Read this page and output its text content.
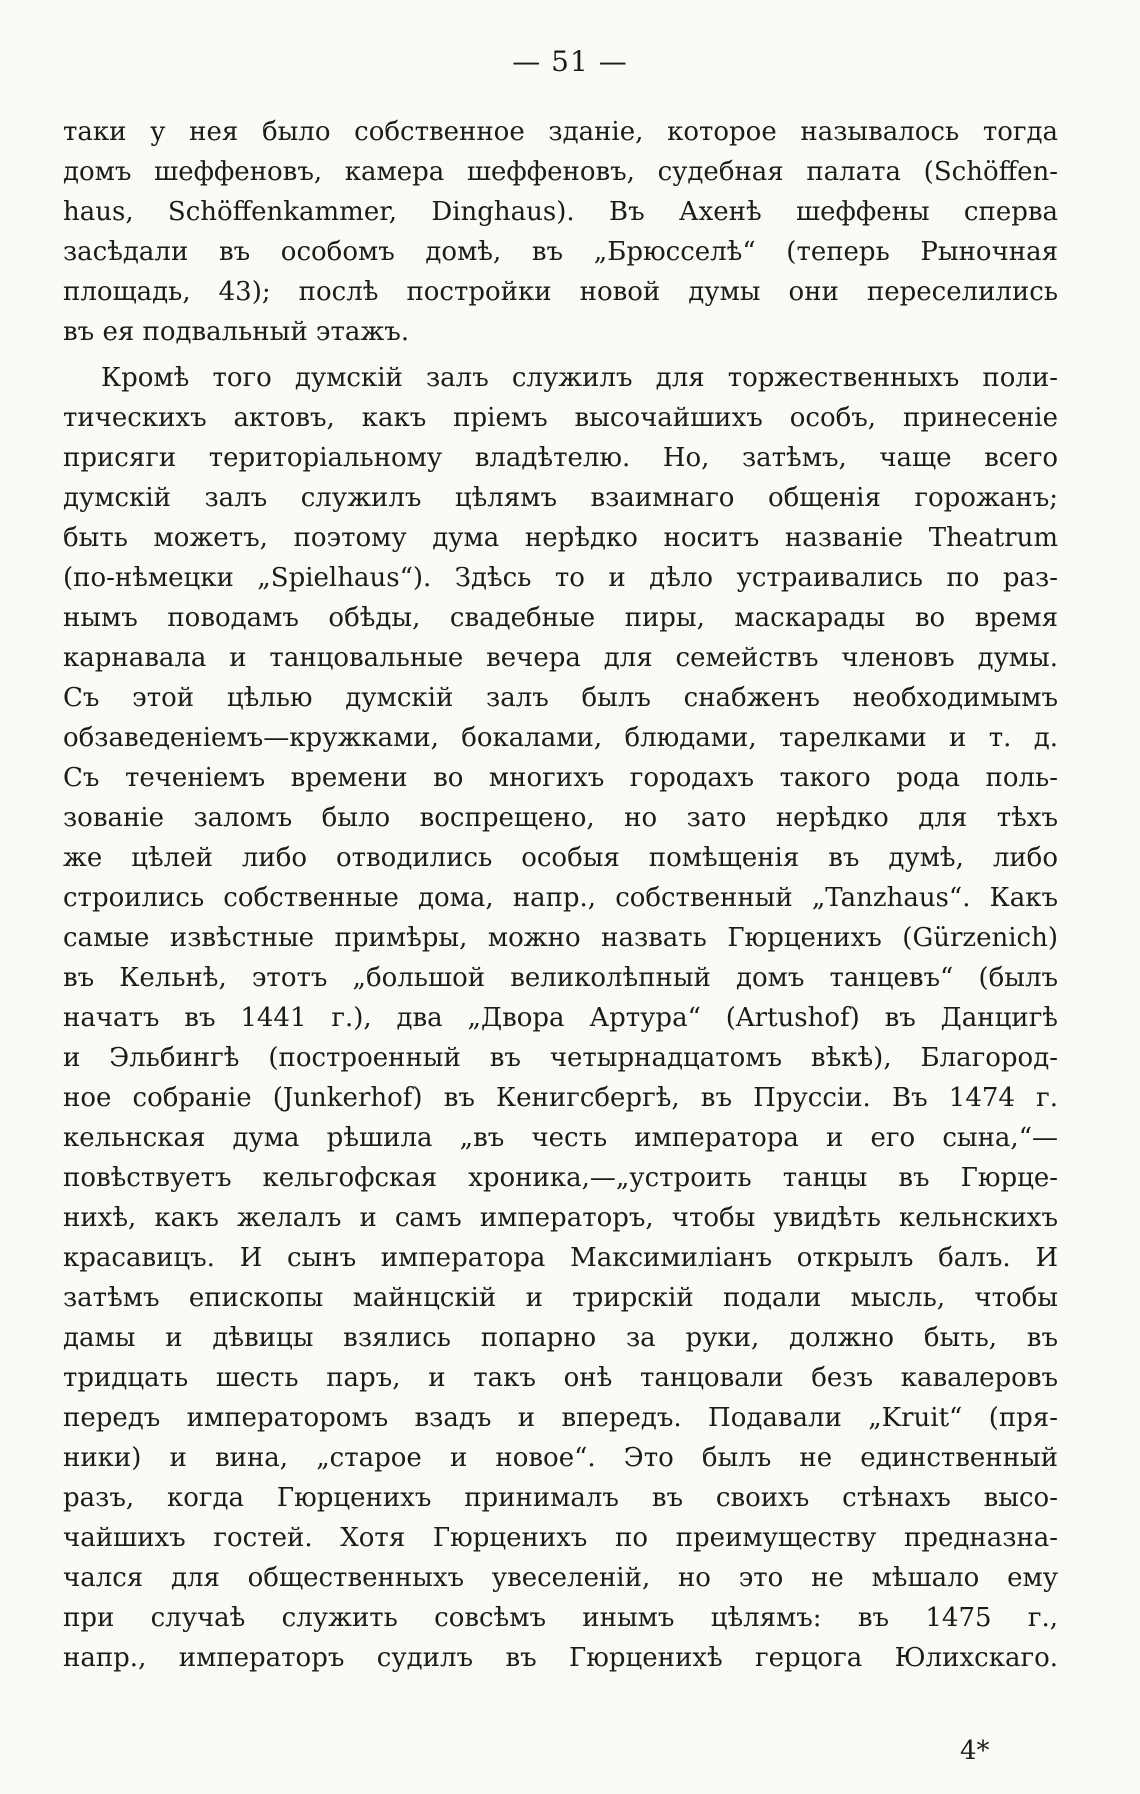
— 51 —
таки у нея было собственное зданіе, которое называлось тогда
домъ шеффеновъ, камера шеффеновъ, судебная палата (Schöffen-
haus, Schöffenkammer, Dinghaus). Въ Ахенѣ шеффены сперва
засѣдали въ особомъ домѣ, въ „Брюсселѣ“ (теперь Рыночная
площадь, 43); послѣ постройки новой думы они переселились
въ ея подвальный этажъ.
Кромѣ того думскій залъ служилъ для торжественныхъ поли-
тическихъ актовъ, какъ пріемъ высочайшихъ особъ, принесеніе
присяги територіальному владѣтелю. Но, затѣмъ, чаще всего
думскій залъ служилъ цѣлямъ взаимнаго общенія горожанъ;
быть можетъ, поэтому дума нерѣдко носитъ названіе Theatrum
(по-нѣмецки „Spielhaus“). Здѣсь то и дѣло устраивались по раз-
нымъ поводамъ обѣды, свадебные пиры, маскарады во время
карнавала и танцовальные вечера для семействъ членовъ думы.
Съ этой цѣлью думскій залъ былъ снабженъ необходимымъ
обзаведеніемъ—кружками, бокалами, блюдами, тарелками и т. д.
Съ теченіемъ времени во многихъ городахъ такого рода поль-
зованіе заломъ было воспрещено, но зато нерѣдко для тѣхъ
же цѣлей либо отводились особыя помѣщенія въ думѣ, либо
строились собственные дома, напр., собственный „Tanzhaus“. Какъ
самые извѣстные примѣры, можно назвать Гюрценихъ (Gürzenich)
въ Кельнѣ, этотъ „большой великолѣпный домъ танцевъ“ (былъ
начатъ въ 1441 г.), два „Двора Артура“ (Artushof) въ Данцигѣ
и Эльбингѣ (построенный въ четырнадцатомъ вѣкѣ), Благород-
ное собраніе (Junkerhof) въ Кенигсбергѣ, въ Пруссіи. Въ 1474 г.
кельнская дума рѣшила „въ честь императора и его сына,“—
повѣствуетъ кельгофская хроника,—„устроить танцы въ Гюрце-
нихѣ, какъ желалъ и самъ императоръ, чтобы увидѣть кельнскихъ
красавицъ. И сынъ императора Максимиліанъ открылъ балъ. И
затѣмъ епископы майнцскій и трирскій подали мысль, чтобы
дамы и дѣвицы взялись попарно за руки, должно быть, въ
тридцать шесть паръ, и такъ онѣ танцовали безъ кавалеровъ
передъ императоромъ взадъ и впередъ. Подавали „Kruit“ (пря-
ники) и вина, „старое и новое“. Это былъ не единственный
разъ, когда Гюрценихъ принималъ въ своихъ стѣнахъ высо-
чайшихъ гостей. Хотя Гюрценихъ по преимуществу предназна-
чался для общественныхъ увеселеній, но это не мѣшало ему
при случаѣ служить совсѣмъ инымъ цѣлямъ: въ 1475 г.,
напр., императоръ судилъ въ Гюрценихѣ герцога Юлихскаго.
4*
